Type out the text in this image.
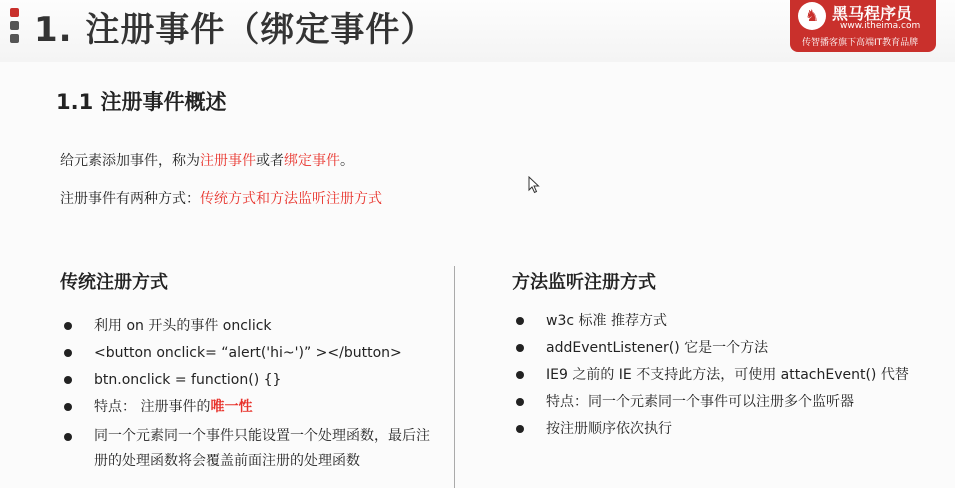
1. 注册事件（绑定事件）	♞ 黑马程序员
www.itheima.com
传智播客旗下高端IT教育品牌
1.1 注册事件概述
给元素添加事件，称为注册事件或者绑定事件。
注册事件有两种方式：传统方式和方法监听注册方式
传统注册方式	方法监听注册方式
利用 on 开头的事件 onclick
<button onclick= “alert('hi~')” ></button>
btn.onclick = function() {}
特点： 注册事件的唯一性
同一个元素同一个事件只能设置一个处理函数，最后注册的处理函数将会覆盖前面注册的处理函数
w3c 标准 推荐方式
addEventListener() 它是一个方法
IE9 之前的 IE 不支持此方法，可使用 attachEvent() 代替
特点：同一个元素同一个事件可以注册多个监听器
按注册顺序依次执行
